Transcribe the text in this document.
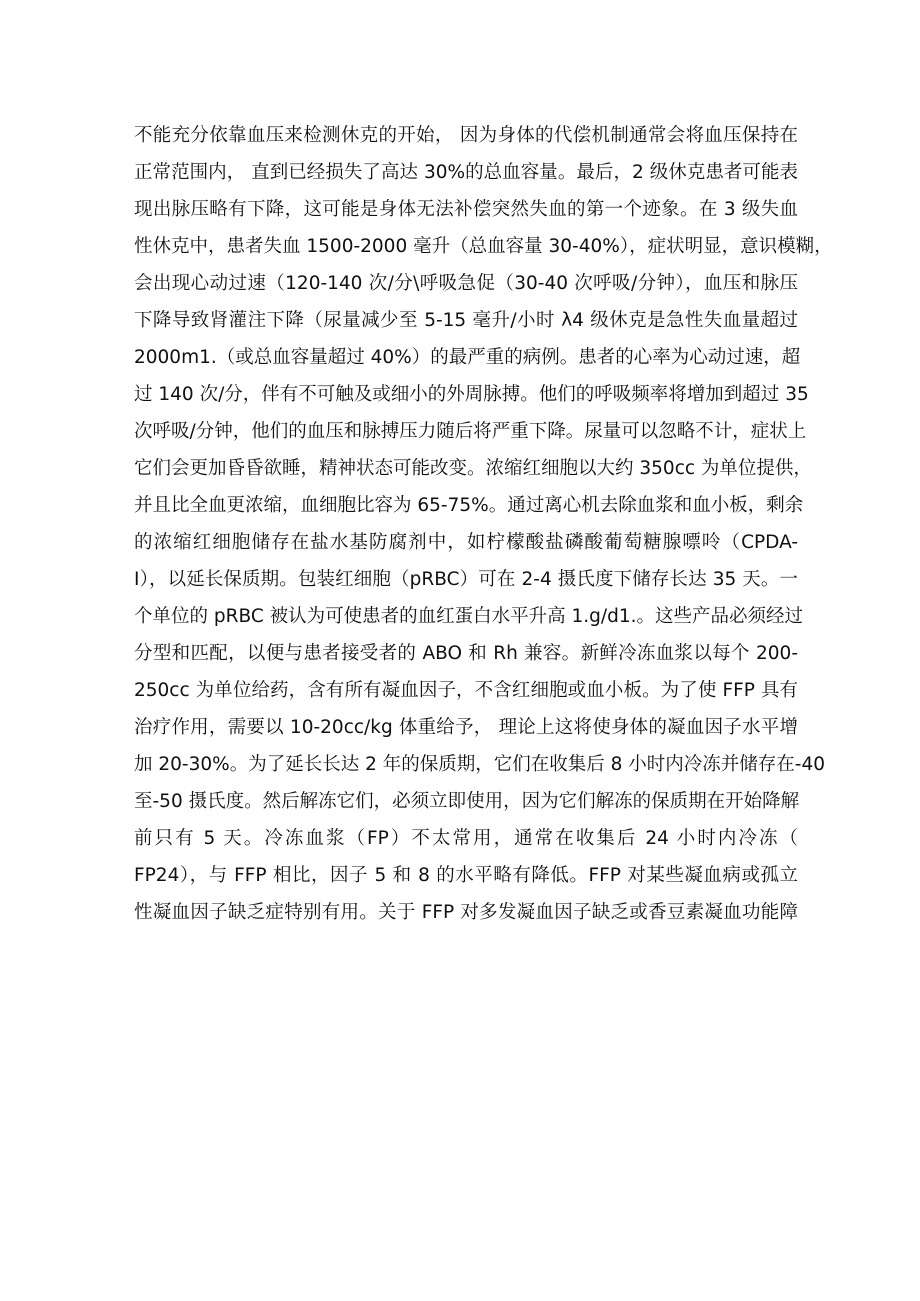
不能充分依靠血压来检测休克的开始， 因为身体的代偿机制通常会将血压保持在
正常范围内， 直到已经损失了高达 30%的总血容量。最后，2 级休克患者可能表
现出脉压略有下降，这可能是身体无法补偿突然失血的第一个迹象。在 3 级失血
性休克中，患者失血 1500-2000 毫升（总血容量 30-40%），症状明显，意识模糊，
会出现心动过速（120-140 次/分\呼吸急促（30-40 次呼吸/分钟），血压和脉压
下降导致肾灌注下降（尿量减少至 5-15 毫升/小时 λ4 级休克是急性失血量超过
2000m1.（或总血容量超过 40%）的最严重的病例。患者的心率为心动过速，超
过 140 次/分，伴有不可触及或细小的外周脉搏。他们的呼吸频率将增加到超过 35
次呼吸/分钟，他们的血压和脉搏压力随后将严重下降。尿量可以忽略不计，症状上
它们会更加昏昏欲睡，精神状态可能改变。浓缩红细胞以大约 350cc 为单位提供，
并且比全血更浓缩，血细胞比容为 65-75%。通过离心机去除血浆和血小板，剩余
的浓缩红细胞储存在盐水基防腐剂中，如柠檬酸盐磷酸葡萄糖腺嘌呤（CPDA-
I），以延长保质期。包装红细胞（pRBC）可在 2-4 摄氏度下储存长达 35 天。一
个单位的 pRBC 被认为可使患者的血红蛋白水平升高 1.g∕d1.。这些产品必须经过
分型和匹配，以便与患者接受者的 ABO 和 Rh 兼容。新鲜冷冻血浆以每个 200-
250cc 为单位给药，含有所有凝血因子，不含红细胞或血小板。为了使 FFP 具有
治疗作用，需要以 10-20cc/kg 体重给予， 理论上这将使身体的凝血因子水平增
加 20-30%。为了延长长达 2 年的保质期，它们在收集后 8 小时内冷冻并储存在-40
至-50 摄氏度。然后解冻它们，必须立即使用，因为它们解冻的保质期在开始降解
前只有 5 天。冷冻血浆（FP）不太常用，通常在收集后 24 小时内冷冻（
FP24），与 FFP 相比，因子 5 和 8 的水平略有降低。FFP 对某些凝血病或孤立
性凝血因子缺乏症特别有用。关于 FFP 对多发凝血因子缺乏或香豆素凝血功能障
